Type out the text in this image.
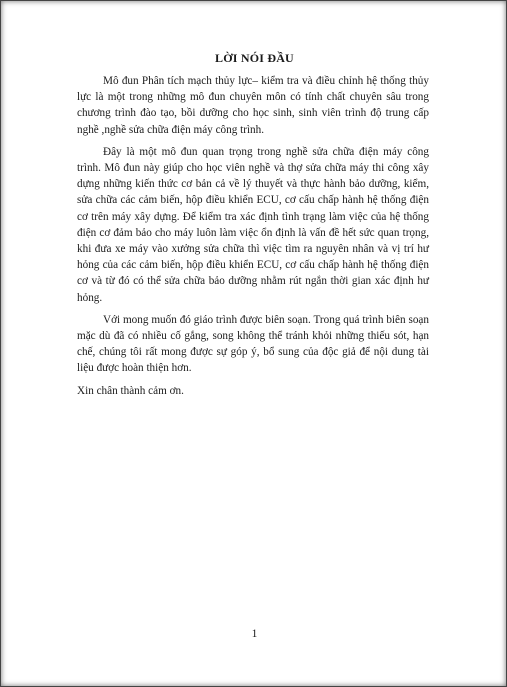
LỜI NÓI ĐẦU

Mô đun Phân tích mạch thủy lực– kiểm tra và điều chỉnh hệ thống thủy lực là một trong những mô đun chuyên môn có tính chất chuyên sâu trong chương trình đào tạo, bồi dưỡng cho học sinh, sinh viên trình độ trung cấp nghề ,nghề sửa chữa điện máy công trình.

Đây là một mô đun quan trọng trong nghề sửa chữa điện máy công trình. Mô đun này giúp cho học viên nghề và thợ sửa chữa máy thi công xây dựng những kiến thức cơ bản cả về lý thuyết và thực hành bảo dưỡng, kiểm, sửa chữa các cảm biến, hộp điều khiển ECU, cơ cấu chấp hành hệ thống điện cơ trên máy xây dựng. Để kiểm tra xác định tình trạng làm việc của hệ thống điện cơ đảm bảo cho máy luôn làm việc ổn định là vấn đề hết sức quan trọng, khi đưa xe máy vào xưởng sửa chữa thì việc tìm ra nguyên nhân và vị trí hư hỏng của các cảm biến, hộp điều khiển ECU, cơ cấu chấp hành hệ thống điện cơ và từ đó có thể sửa chữa bảo dưỡng nhằm rút ngắn thời gian xác định hư hỏng.

Với mong muốn đó giáo trình được biên soạn. Trong quá trình biên soạn mặc dù đã có nhiều cố gắng, song không thể tránh khỏi những thiếu sót, hạn chế, chúng tôi rất mong được sự góp ý, bổ sung của độc giả để nội dung tài liệu được hoàn thiện hơn.

Xin chân thành cảm ơn.

1
